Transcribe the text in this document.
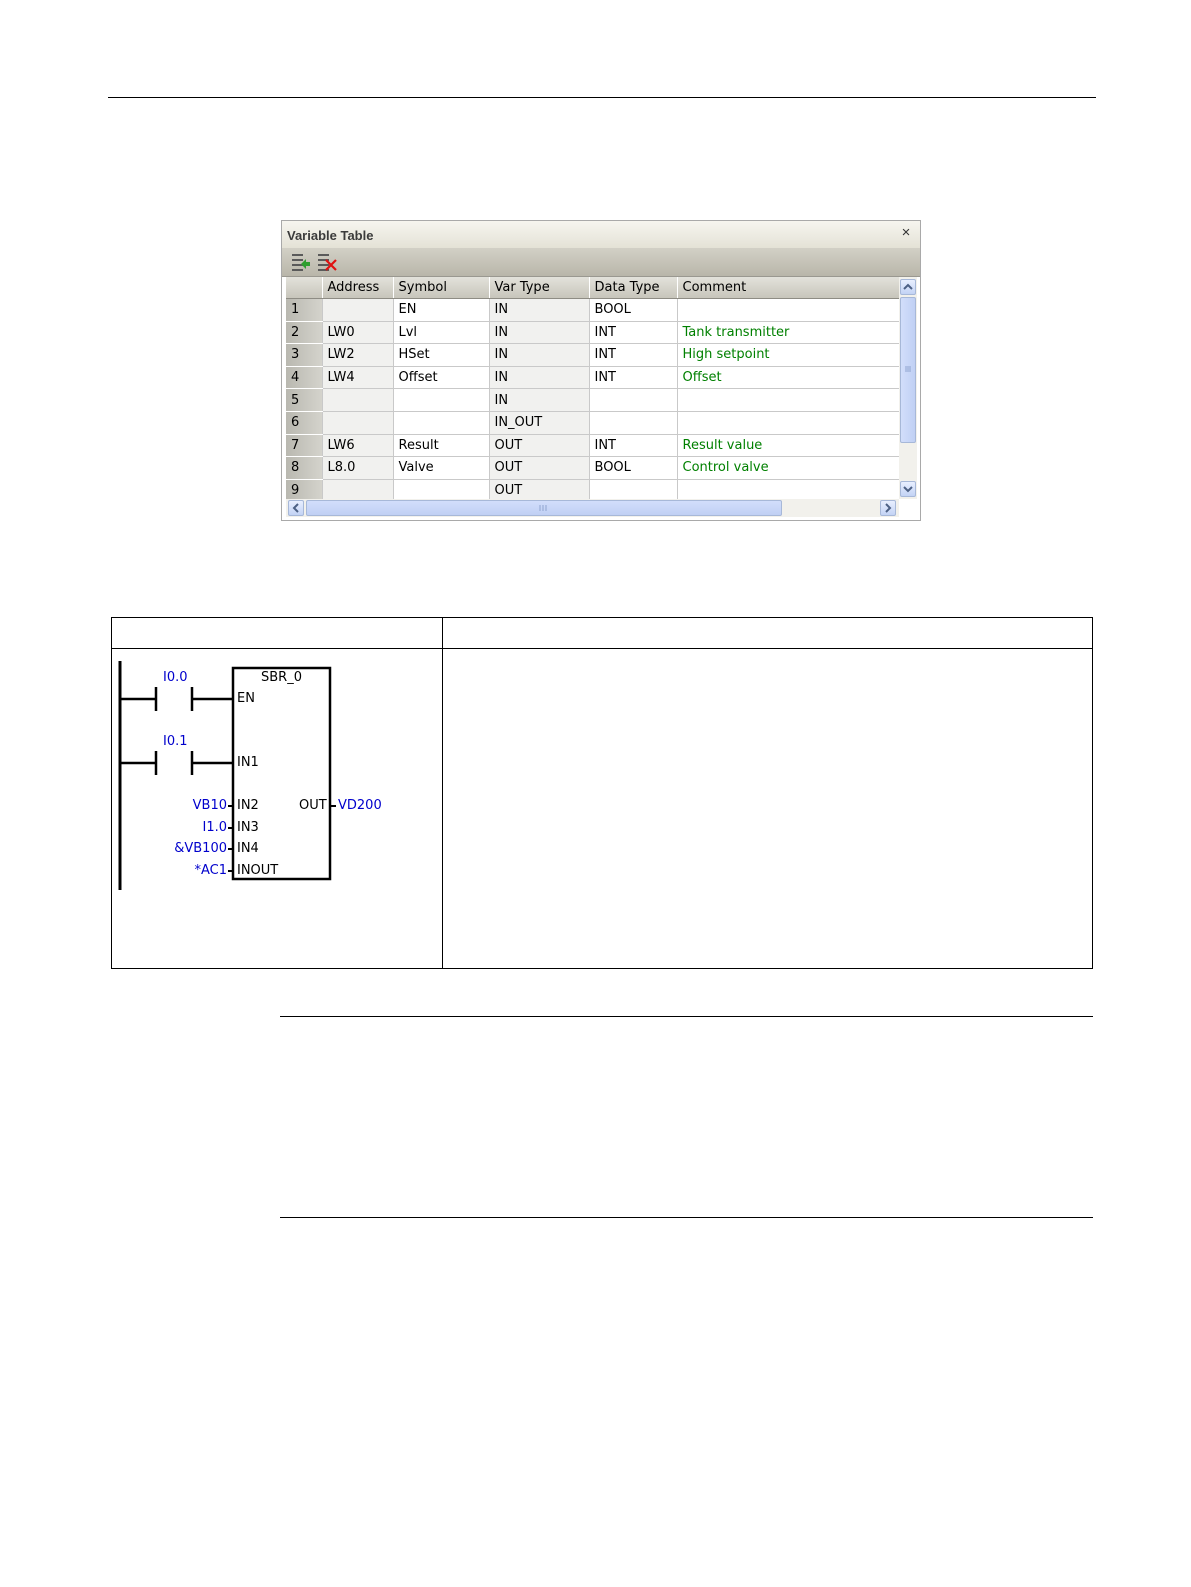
Variable Table	×
	Address	Symbol	Var Type	Data Type	Comment
1		EN	IN	BOOL	
2	LW0	Lvl	IN	INT	Tank transmitter
3	LW2	HSet	IN	INT	High setpoint
4	LW4	Offset	IN	INT	Offset
5			IN		
6			IN_OUT		
7	LW6	Result	OUT	INT	Result value
8	L8.0	Valve	OUT	BOOL	Control valve
9			OUT		
I0.0
I0.1
SBR_0
EN
IN1
IN2
IN3
IN4
INOUT
OUT
VB10
I1.0
&VB100
*AC1
VD200
